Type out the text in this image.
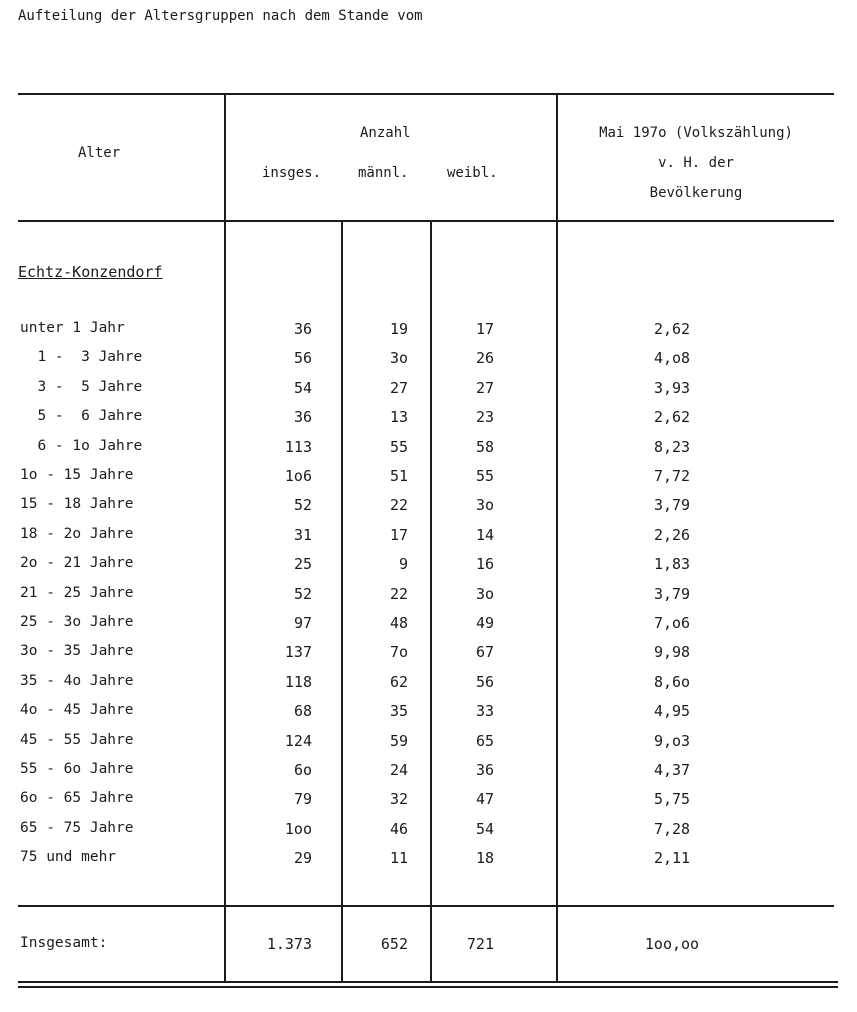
Aufteilung der Altersgruppen nach dem Stande vom
Alter
Anzahl
insges.	männl.	weibl.
Mai 197o (Volkszählung)
v. H. der
Bevölkerung
Echtz-Konzendorf
unter 1 Jahr	36	19	17	2,62
1 -  3 Jahre	56	3o	26	4,o8
3 -  5 Jahre	54	27	27	3,93
5 -  6 Jahre	36	13	23	2,62
6 - 1o Jahre	113	55	58	8,23
1o - 15 Jahre	1o6	51	55	7,72
15 - 18 Jahre	52	22	3o	3,79
18 - 2o Jahre	31	17	14	2,26
2o - 21 Jahre	25	9	16	1,83
21 - 25 Jahre	52	22	3o	3,79
25 - 3o Jahre	97	48	49	7,o6
3o - 35 Jahre	137	7o	67	9,98
35 - 4o Jahre	118	62	56	8,6o
4o - 45 Jahre	68	35	33	4,95
45 - 55 Jahre	124	59	65	9,o3
55 - 6o Jahre	6o	24	36	4,37
6o - 65 Jahre	79	32	47	5,75
65 - 75 Jahre	1oo	46	54	7,28
75 und mehr	29	11	18	2,11
Insgesamt:	1.373	652	721	1oo,oo
